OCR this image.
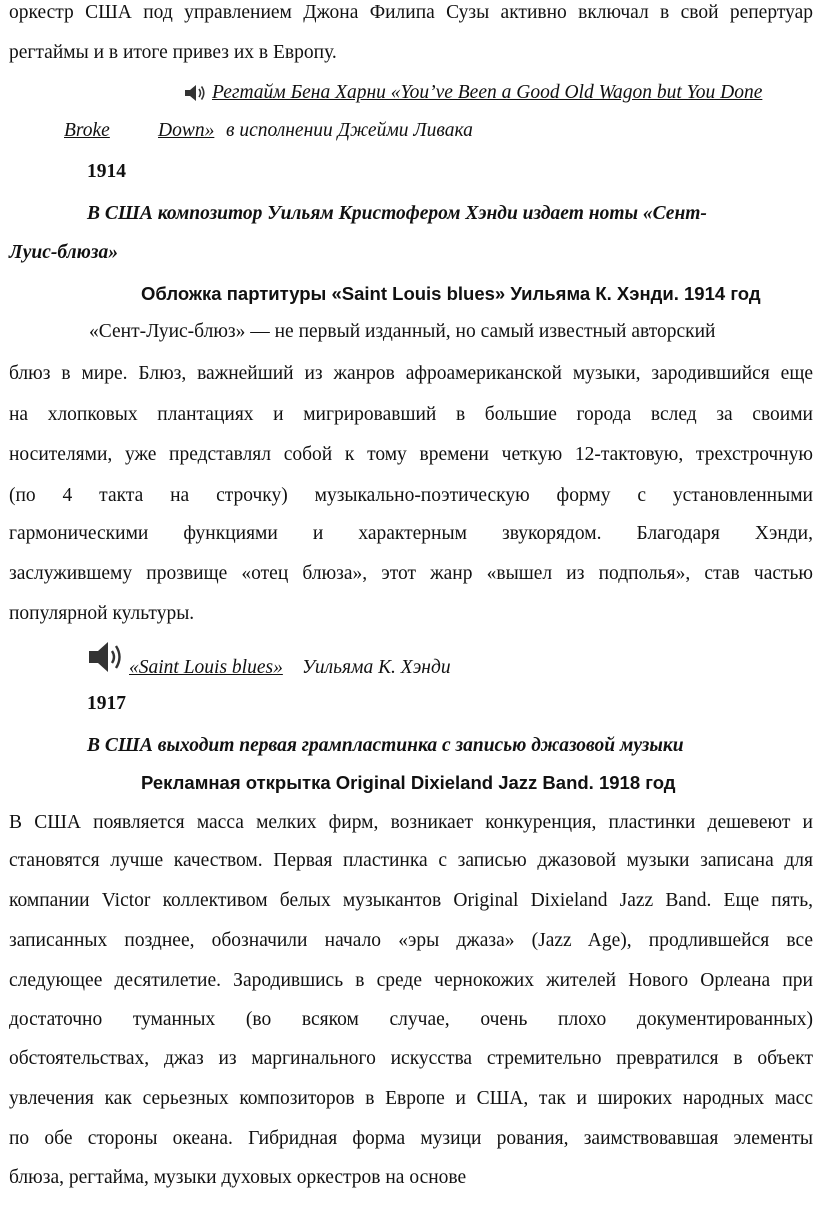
оркестр США под управлением Джона Филипа Сузы активно включал в свой репертуар
регтаймы и в итоге привез их в Европу.
Регтайм Бена Харни «You’ve Been a Good Old Wagon but You Done
Broke Down» в исполнении Джейми Ливака
1914
В США композитор Уильям Кристофером Хэнди издает ноты «Сент-
Луис-блюза»
Обложка партитуры «Saint Louis blues» Уильяма К. Хэнди. 1914 год
«Сент-Луис-блюз» — не первый изданный, но самый известный авторский
блюз в мире. Блюз, важнейший из жанров афроамериканской музыки, зародившийся еще
на хлопковых плантациях и мигрировавший в большие города вслед за своими
носителями, уже представлял собой к тому времени четкую 12-тактовую, трехстрочную
(по 4 такта на строчку) музыкально-поэтическую форму с установленными
гармоническими функциями и характерным звукорядом. Благодаря Хэнди,
заслужившему прозвище «отец блюза», этот жанр «вышел из подполья», став частью
популярной культуры.
«Saint Louis blues» Уильяма К. Хэнди
1917
В США выходит первая грампластинка с записью джазовой музыки
Рекламная открытка Original Dixieland Jazz Band. 1918 год
В США появляется масса мелких фирм, возникает конкуренция, пластинки дешевеют и
становятся лучше качеством. Первая пластинка с записью джазовой музыки записана для
компании Victor коллективом белых музыкантов Original Dixieland Jazz Band. Еще пять,
записанных позднее, обозначили начало «эры джаза» (Jazz Age), продлившейся все
следующее десятилетие. Зародившись в среде чернокожих жителей Нового Орлеана при
достаточно туманных (во всяком случае, очень плохо документированных)
обстоятельствах, джаз из маргинального искусства стремительно превратился в объект
увлечения как серьезных композиторов в Европе и США, так и широких народных масс
по обе стороны океана. Гибридная форма музици рования, заимствовавшая элементы
блюза, регтайма, музыки духовых оркестров на основе
